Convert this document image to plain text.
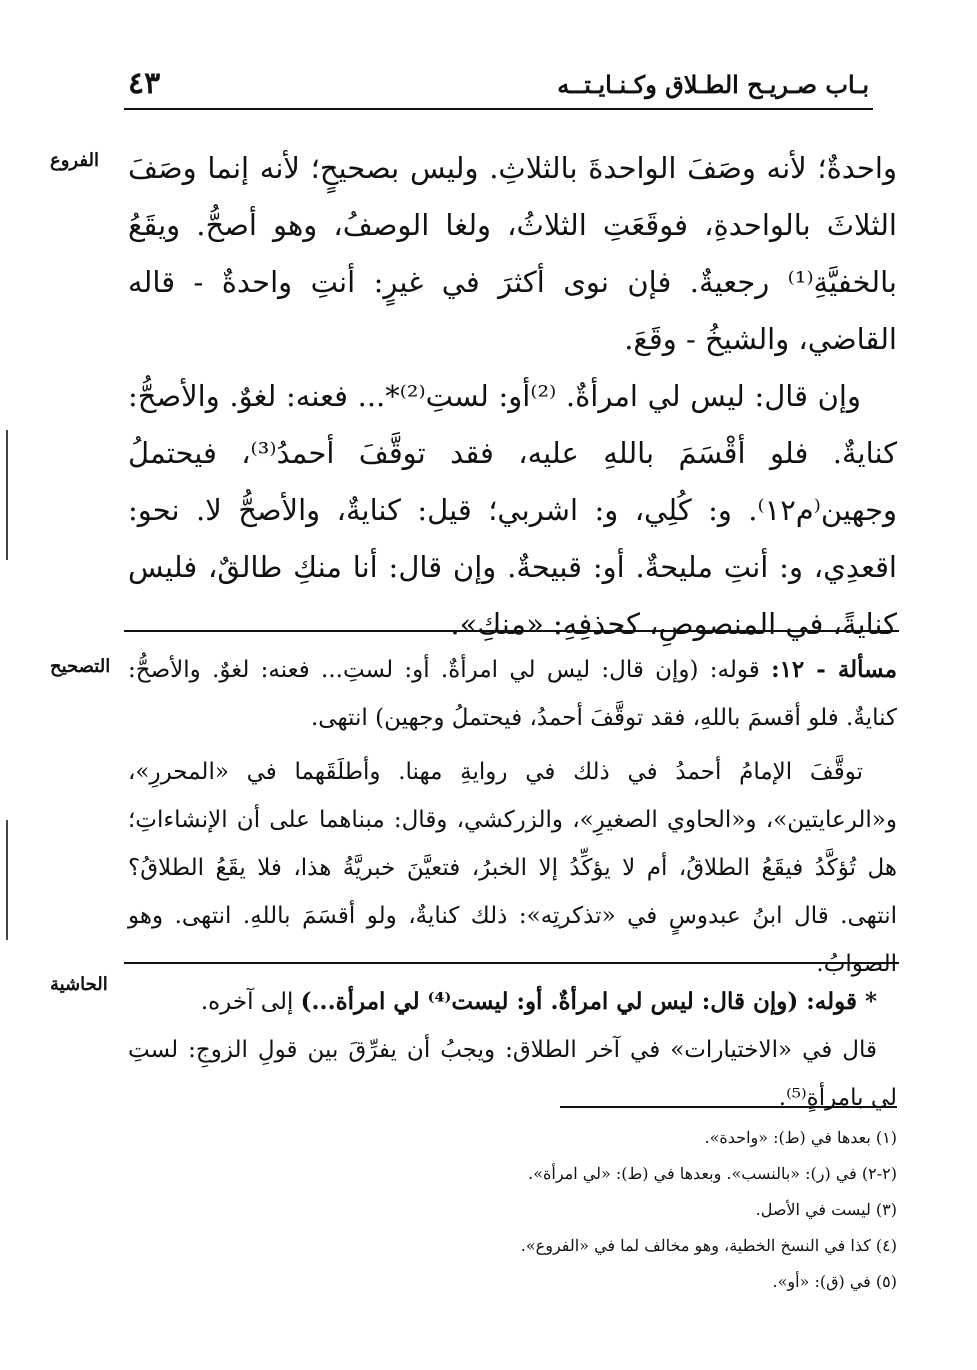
بـاب صـريـح الطـلاق وكـنـايـتــه
٤٣
الفروع واحدةٌ؛ لأنه وصَفَ الواحدةَ بالثلاثِ. وليس بصحيحٍ؛ لأنه إنما وصَفَ الثلاثَ بالواحدةِ، فوقَعَتِ الثلاثُ، ولغا الوصفُ، وهو أصحُّ. ويقَعُ بالخفيَّةِ⁽¹⁾ رجعيةٌ. فإن نوى أكثرَ في غيرٍ: أنتِ واحدةٌ - قاله القاضي، والشيخُ - وقَعَ.

وإن قال: ليس لي امرأةٌ. ⁽²⁾أو: لستِ⁽²⁾*... فعنه: لغوٌ. والأصحُّ: كنايةٌ. فلو أقْسَمَ باللهِ عليه، فقد توقَّفَ أحمدُ⁽³⁾، فيحتملُ وجهين⁽م١٢⁾. و: كُلِي، و: اشربي؛ قيل: كنايةٌ، والأصحُّ لا. نحو: اقعدِي، و: أنتِ مليحةٌ. أو: قبيحةٌ. وإن قال: أنا منكِ طالقٌ، فليس كنايةً، في المنصوصِ، كحذفِهِ: «منكِ».

التصحيح	مسألة - ١٢: قوله: (وإن قال: ليس لي امرأةٌ. أو: لستِ... فعنه: لغوٌ. والأصحُّ: كنايةٌ. فلو أقسمَ باللهِ، فقد توقَّفَ أحمدُ، فيحتملُ وجهين) انتهى.

توقَّفَ الإمامُ أحمدُ في ذلك في روايةِ مهنا. وأطلَقَهما في «المحررِ»، و«الرعايتين»، و«الحاوي الصغيرِ»، والزركشي، وقال: مبناهما على أن الإنشاءاتِ؛ هل تُؤكَّدُ فيقَعُ الطلاقُ، أم لا يؤكِّدُ إلا الخبرُ، فتعيَّنَ خبريَّةُ هذا، فلا يقَعُ الطلاقُ؟ انتهى. قال ابنُ عبدوسٍ في «تذكرتِه»: ذلك كنايةٌ، ولو أقسَمَ باللهِ. انتهى. وهو الصوابُ.

الحاشية

* قوله: (وإن قال: ليس لي امرأةٌ. أو: ليست⁽⁴⁾ لي امرأة...) إلى آخره.

قال في «الاختيارات» في آخر الطلاق: ويجبُ أن يفرِّقَ بين قولِ الزوجِ: لستِ لي بامرأةٍ⁽⁵⁾.

(١) بعدها في (ط): «واحدة».
(٢-٢) في (ر): «بالنسب». وبعدها في (ط): «لي امرأة».
(٣) ليست في الأصل.
(٤) كذا في النسخ الخطية، وهو مخالف لما في «الفروع».
(٥) في (ق): «أو».
